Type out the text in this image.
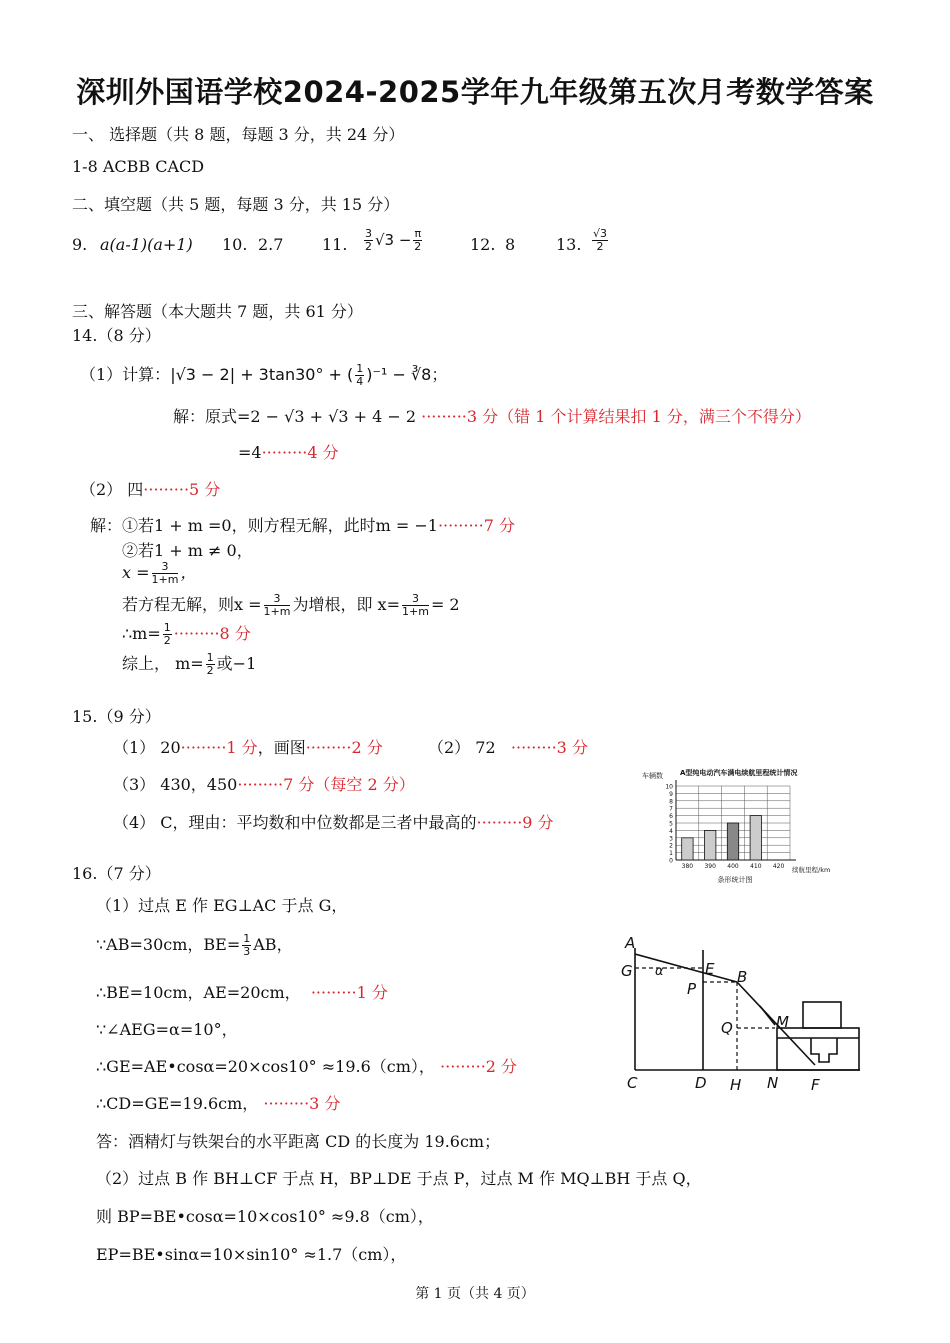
深圳外国语学校2024-2025学年九年级第五次月考数学答案
一、 选择题（共 8 题，每题 3 分，共 24 分）
1-8 ACBB CACD
二、填空题（共 5 题，每题 3 分，共 15 分）
9. a(a-1)(a+1) 10. 2.7 11. $\frac{3}{2} √3 - \frac{\pi}{2}$	12. 8	13. $\frac{√3}{2}$
三、解答题（本大题共 7 题，共 61 分）
14.（8 分）
（1）计算：|√3 − 2| + 3tan30° + ( $\frac{1}{4} )^{-1}$ − ∛8；
解：原式=2 − √3 + √3 + 4 − 2 ·········3 分（错 1 个计算结果扣 1 分，满三个不得分）
=4·········4 分
（2） 四·········5 分
解：①若1 + m =0，则方程无解，此时m = −1·········7 分
②若1 + m ≠ 0，
$x = \frac{3}{1+m}$ ，
若方程无解，则$x = \frac{3}{1+m}$ 为增根，即 $x= \frac{3}{1+m} = 2$
∴m= $\frac{1}{2} \cdot\cdot\cdot\cdot\cdot\cdot\cdot\cdot\cdot 8$ 分
综上， $m= \frac{1}{2}$ 或−1
15.（9 分）
（1） 20·········1 分，画图·········2 分	（2） 72 ·········3 分
（3） 430，450·········7 分（每空 2 分）
（4） C，理由：平均数和中位数都是三者中最高的·········9 分
0
1
2
3
4
5
6
7
8
9
10
380 390 400 410 420
车辆数 A型纯电动汽车满电续航里程统计情况
续航里程/km
条形统计图
16.（7 分）
（1）过点 E 作 EG⊥AC 于点 G，
∵AB=30cm，$BE= \frac{1}{3}$ AB，
∴BE=10cm，AE=20cm， ·········1 分
∵∠AEG=α=10°，
∴GE=AE•cosα=20×cos10° ≈19.6（cm）， ·········2 分
∴CD=GE=19.6cm， ·········3 分
答：酒精灯与铁架台的水平距离 CD 的长度为 19.6cm；
（2）过点 B 作 BH⊥CF 于点 H，BP⊥DE 于点 P，过点 M 作 MQ⊥BH 于点 Q，
则 BP=BE•cosα=10×cos10° ≈9.8（cm），
EP=BE•sinα=10×sin10° ≈1.7（cm），
A
G α	E B
P
Q	M
C	D H N F
第 1 页（共 4 页）
